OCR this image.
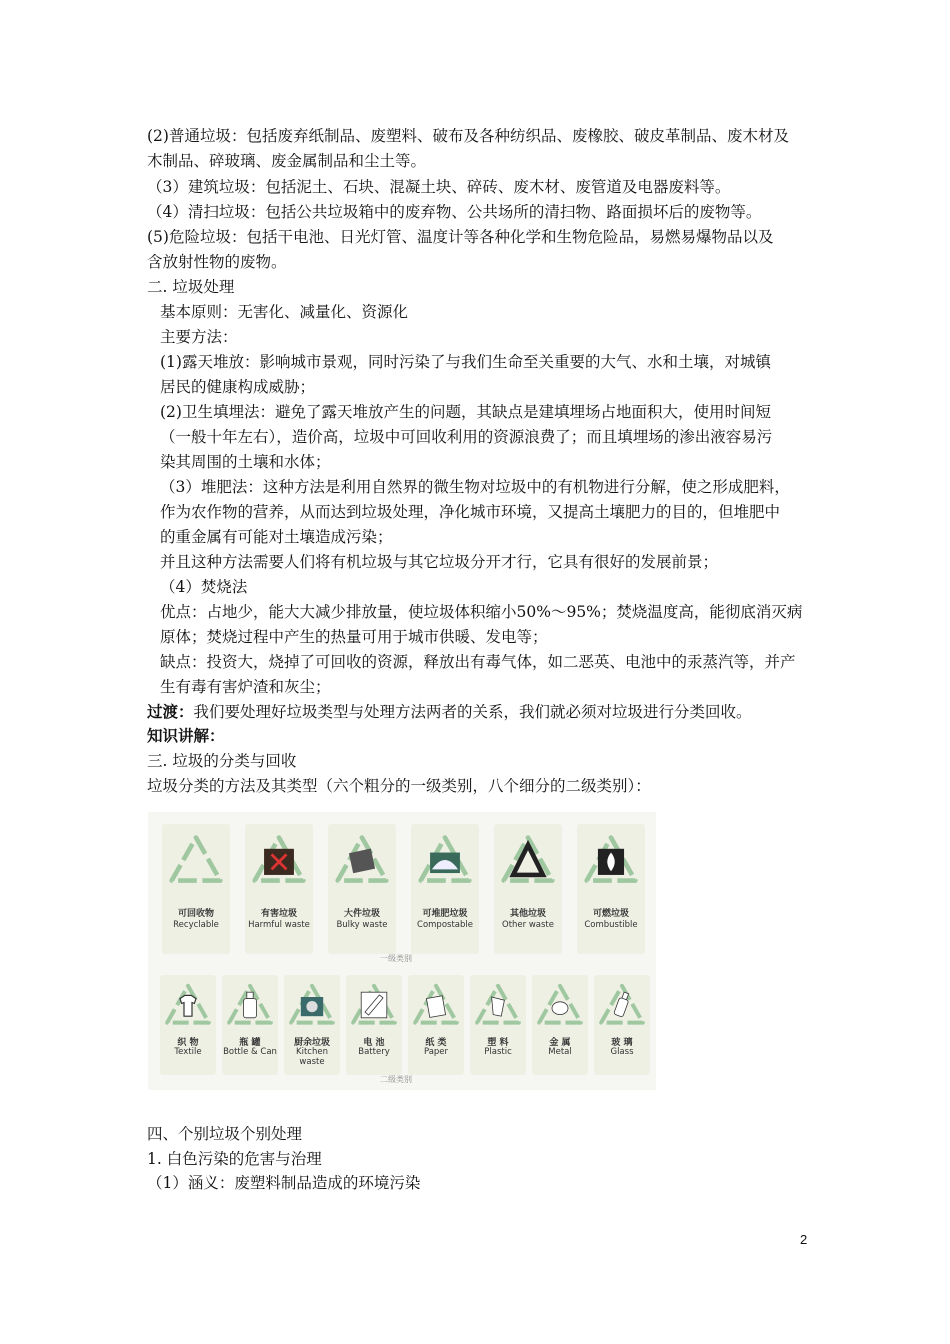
(2)普通垃圾：包括废弃纸制品、废塑料、破布及各种纺织品、废橡胶、破皮革制品、废木材及
木制品、碎玻璃、废金属制品和尘土等。
（3）建筑垃圾：包括泥土、石块、混凝土块、碎砖、废木材、废管道及电器废料等。
（4）清扫垃圾：包括公共垃圾箱中的废弃物、公共场所的清扫物、路面损坏后的废物等。
(5)危险垃圾：包括干电池、日光灯管、温度计等各种化学和生物危险品，易燃易爆物品以及
含放射性物的废物。
二. 垃圾处理
基本原则：无害化、减量化、资源化
主要方法：
(1)露天堆放：影响城市景观，同时污染了与我们生命至关重要的大气、水和土壤，对城镇
居民的健康构成威胁；
(2)卫生填埋法：避免了露天堆放产生的问题，其缺点是建填埋场占地面积大，使用时间短
（一般十年左右），造价高，垃圾中可回收利用的资源浪费了；而且填埋场的渗出液容易污
染其周围的土壤和水体；
（3）堆肥法：这种方法是利用自然界的微生物对垃圾中的有机物进行分解，使之形成肥料，
作为农作物的营养，从而达到垃圾处理，净化城市环境，又提高土壤肥力的目的，但堆肥中
的重金属有可能对土壤造成污染；
并且这种方法需要人们将有机垃圾与其它垃圾分开才行，它具有很好的发展前景；
（4）焚烧法
优点：占地少，能大大减少排放量，使垃圾体积缩小50%～95%；焚烧温度高，能彻底消灭病
原体；焚烧过程中产生的热量可用于城市供暖、发电等；
缺点：投资大，烧掉了可回收的资源，释放出有毒气体，如二恶英、电池中的汞蒸汽等，并产
生有毒有害炉渣和灰尘；
过渡：我们要处理好垃圾类型与处理方法两者的关系，我们就必须对垃圾进行分类回收。
知识讲解：
三. 垃圾的分类与回收
垃圾分类的方法及其类型（六个粗分的一级类别，八个细分的二级类别）：
可回收物
Recyclable
有害垃圾
Harmful waste
大件垃圾
Bulky waste
可堆肥垃圾
Compostable
其他垃圾
Other waste
可燃垃圾
Combustible
一级类别
织 物
Textile
瓶 罐
Bottle & Can
厨余垃圾
Kitchen waste
电 池
Battery
纸 类
Paper
塑 料
Plastic
金 属
Metal
玻 璃
Glass
二级类别
四、个别垃圾个别处理
1. 白色污染的危害与治理
（1）涵义：废塑料制品造成的环境污染
2
